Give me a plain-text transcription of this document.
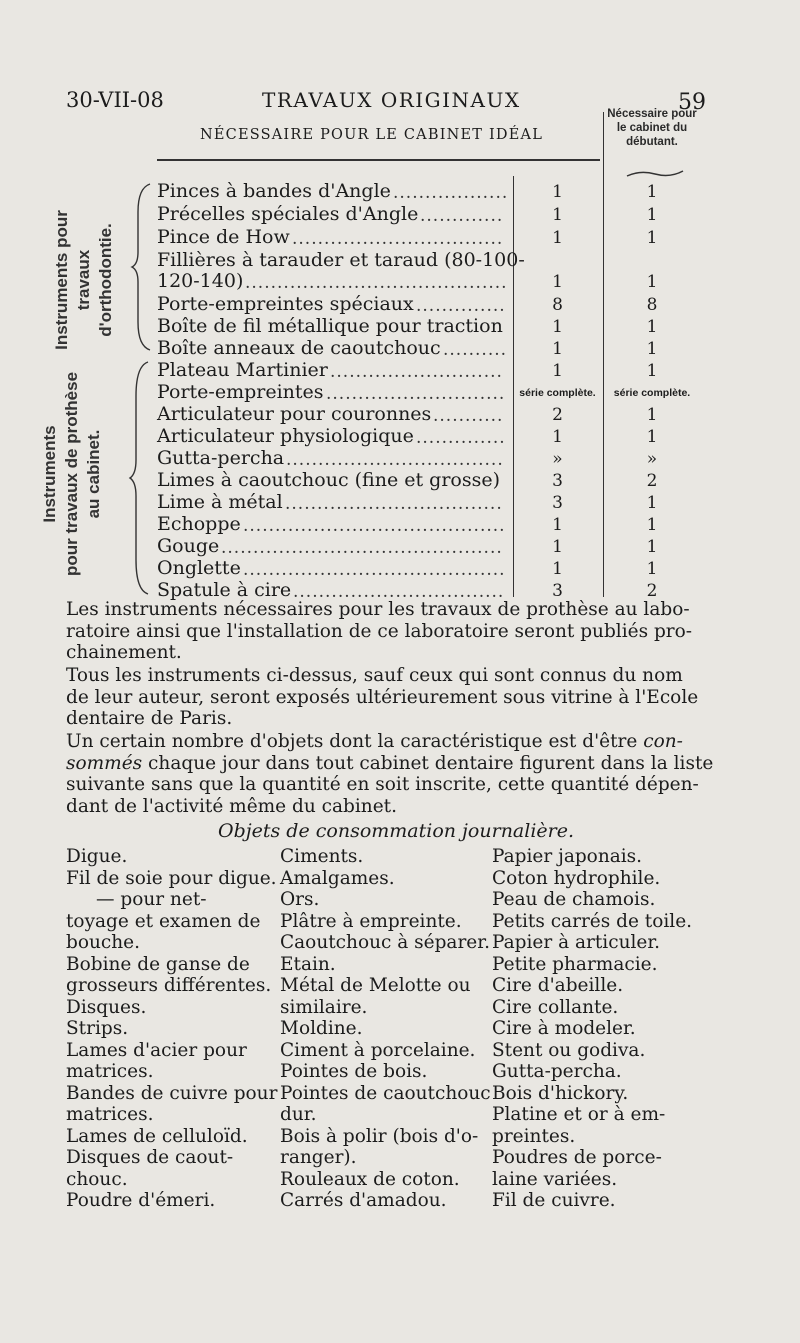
30-VII-08	TRAVAUX ORIGINAUX	59
NÉCESSAIRE POUR LE CABINET IDÉAL
Nécessaire pour le cabinet du débutant.
Instruments pour travaux d'orthodontie.
Instruments pour travaux de prothèse au cabinet.
Pinces à bandes d'Angle ..................	1	1
Précelles spéciales d'Angle .............	1	1
Pince de How .................................	1	1
Fillières à tarauder et taraud (80-100-
120-140) .........................................	1	1
Porte-empreintes spéciaux ..............	8	8
Boîte de fil métallique pour traction	1	1
Boîte anneaux de caoutchouc ..........	1	1
Plateau Martinier ...........................	1	1
Porte-empreintes ............................	série complète.	série complète.
Articulateur pour couronnes ...........	2	1
Articulateur physiologique ..............	1	1
Gutta-percha ..................................	»	»
Limes à caoutchouc (fine et grosse)	3	2
Lime à métal ..................................	3	1
Echoppe .........................................	1	1
Gouge ............................................	1	1
Onglette .........................................	1	1
Spatule à cire .................................	3	2
Les instruments nécessaires pour les travaux de prothèse au labo-
ratoire ainsi que l'installation de ce laboratoire seront publiés pro-
chainement.
Tous les instruments ci-dessus, sauf ceux qui sont connus du nom
de leur auteur, seront exposés ultérieurement sous vitrine à l'Ecole
dentaire de Paris.
Un certain nombre d'objets dont la caractéristique est d'être con-
sommés chaque jour dans tout cabinet dentaire figurent dans la liste
suivante sans que la quantité en soit inscrite, cette quantité dépen-
dant de l'activité même du cabinet.
Objets de consommation journalière.
Digue.
Fil de soie pour digue.
— pour net-
toyage et examen de
bouche.
Bobine de ganse de
grosseurs différentes.
Disques.
Strips.
Lames d'acier pour
matrices.
Bandes de cuivre pour
matrices.
Lames de celluloïd.
Disques de caout-
chouc.
Poudre d'émeri.
Ciments.
Amalgames.
Ors.
Plâtre à empreinte.
Caoutchouc à séparer.
Etain.
Métal de Melotte ou
similaire.
Moldine.
Ciment à porcelaine.
Pointes de bois.
Pointes de caoutchouc
dur.
Bois à polir (bois d'o-
ranger).
Rouleaux de coton.
Carrés d'amadou.
Papier japonais.
Coton hydrophile.
Peau de chamois.
Petits carrés de toile.
Papier à articuler.
Petite pharmacie.
Cire d'abeille.
Cire collante.
Cire à modeler.
Stent ou godiva.
Gutta-percha.
Bois d'hickory.
Platine et or à em-
preintes.
Poudres de porce-
laine variées.
Fil de cuivre.
